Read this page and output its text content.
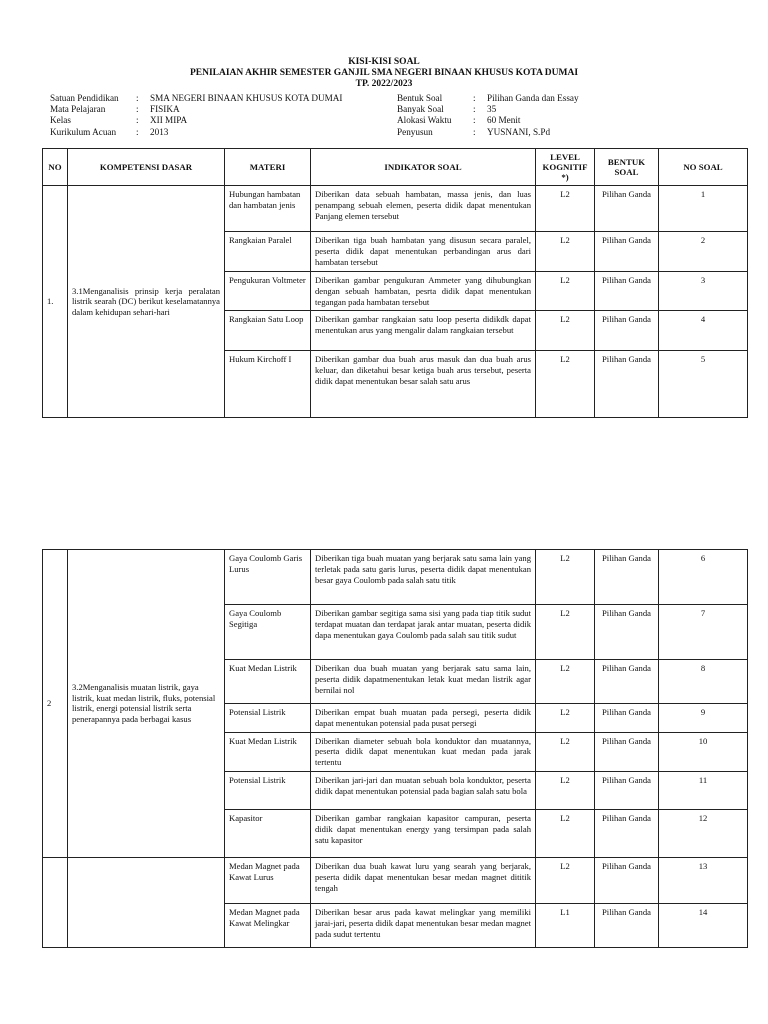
KISI-KISI SOAL
PENILAIAN AKHIR SEMESTER GANJIL SMA NEGERI BINAAN KHUSUS KOTA DUMAI
TP. 2022/2023
Satuan Pendidikan	:	SMA NEGERI BINAAN KHUSUS KOTA DUMAI
Mata Pelajaran	:	FISIKA
Kelas	:	XII MIPA
Kurikulum Acuan	:	2013
Bentuk Soal	:	Pilihan Ganda dan Essay
Banyak Soal	:	35
Alokasi Waktu	:	60 Menit
Penyusun	:	YUSNANI, S.Pd
NO	KOMPETENSI DASAR	MATERI	INDIKATOR SOAL	LEVEL KOGNITIF *)	BENTUK SOAL	NO SOAL
1.	3.1Menganalisis prinsip kerja peralatan listrik searah (DC) berikut keselamatannya dalam kehidupan sehari-hari	Hubungan hambatan dan hambatan jenis	Diberikan data sebuah hambatan, massa jenis, dan luas penampang sebuah elemen, peserta didik dapat menentukan Panjang elemen tersebut	L2	Pilihan Ganda	1
		Rangkaian Paralel	Diberikan tiga buah hambatan yang disusun secara paralel, peserta didik dapat menentukan perbandingan arus dari hambatan tersebut	L2	Pilihan Ganda	2
		Pengukuran Voltmeter	Diberikan gambar pengukuran Ammeter yang dihubungkan dengan sebuah hambatan, pesrta didik dapat menentukan tegangan pada hambatan tersebut	L2	Pilihan Ganda	3
		Rangkaian Satu Loop	Diberikan gambar rangkaian satu loop peserta didikdk dapat menentukan arus yang mengalir dalam rangkaian tersebut	L2	Pilihan Ganda	4
		Hukum Kirchoff I	Diberikan gambar dua buah arus masuk dan dua buah arus keluar, dan diketahui besar ketiga buah arus tersebut, peserta didik dapat menentukan besar salah satu arus	L2	Pilihan Ganda	5
2	3.2Menganalisis muatan listrik, gaya listrik, kuat medan listrik, fluks, potensial listrik, energi potensial listrik serta penerapannya pada berbagai kasus	Gaya Coulomb Garis Lurus	Diberikan tiga buah muatan yang berjarak satu sama lain yang terletak pada satu garis lurus, peserta didik dapat menentukan besar gaya Coulomb pada salah satu titik	L2	Pilihan Ganda	6
		Gaya Coulomb Segitiga	Diberikan gambar segitiga sama sisi yang pada tiap titik sudut terdapat muatan dan terdapat jarak antar muatan, peserta didik dapa menentukan gaya Coulomb pada salah sau titik sudut	L2	Pilihan Ganda	7
		Kuat Medan Listrik	Diberikan dua buah muatan yang berjarak satu sama lain, peserta didik dapatmenentukan letak kuat medan listrik agar bernilai nol	L2	Pilihan Ganda	8
		Potensial Listrik	Diberikan empat buah muatan pada persegi, peserta didik dapat menentukan potensial pada pusat persegi	L2	Pilihan Ganda	9
		Kuat Medan Listrik	Diberikan diameter sebuah bola konduktor dan muatannya, peserta didik dapat menentukan kuat medan pada jarak tertentu	L2	Pilihan Ganda	10
		Potensial Listrik	Diberikan jari-jari dan muatan sebuah bola konduktor, peserta didik dapat menentukan potensial pada bagian salah satu bola	L2	Pilihan Ganda	11
		Kapasitor	Diberikan gambar rangkaian kapasitor campuran, peserta didik dapat menentukan energy yang tersimpan pada salah satu kapasitor	L2	Pilihan Ganda	12
		Medan Magnet pada Kawat Lurus	Diberikan dua buah kawat luru yang searah yang berjarak, peserta didik dapat menentukan besar medan magnet dititik tengah	L2	Pilihan Ganda	13
		Medan Magnet pada Kawat Melingkar	Diberikan besar arus pada kawat melingkar yang memiliki jarai-jari, peserta didik dapat menentukan besar medan magnet pada sudut tertentu	L1	Pilihan Ganda	14
